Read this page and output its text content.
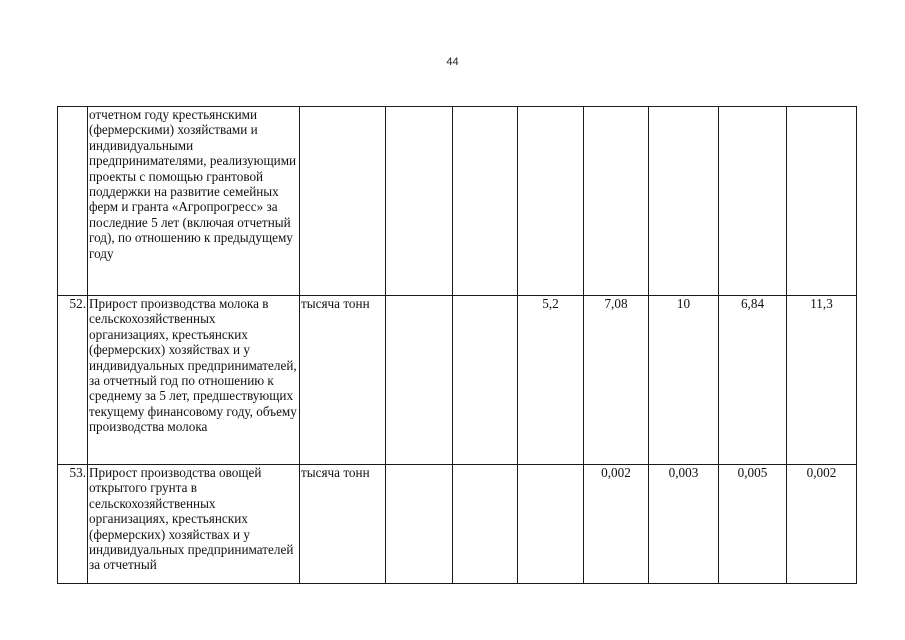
44
	отчетном году крестьянскими (фермерскими) хозяйствами и индивидуальными предпринимателями, реализующими проекты с помощью грантовой поддержки на развитие семейных ферм и гранта «Агропрогресс» за последние 5 лет (включая отчетный год), по отношению к предыдущему году								
52.	Прирост производства молока в сельскохозяйственных организациях, крестьянских (фермерских) хозяйствах и у индивидуальных предпринимателей, за отчетный год по отношению к среднему за 5 лет, предшествующих текущему финансовому году, объему производства молока	тысяча тонн			5,2	7,08	10	6,84	11,3
53.	Прирост производства овощей открытого грунта в сельскохозяйственных организациях, крестьянских (фермерских) хозяйствах и у индивидуальных предпринимателей за отчетный	тысяча тонн				0,002	0,003	0,005	0,002
